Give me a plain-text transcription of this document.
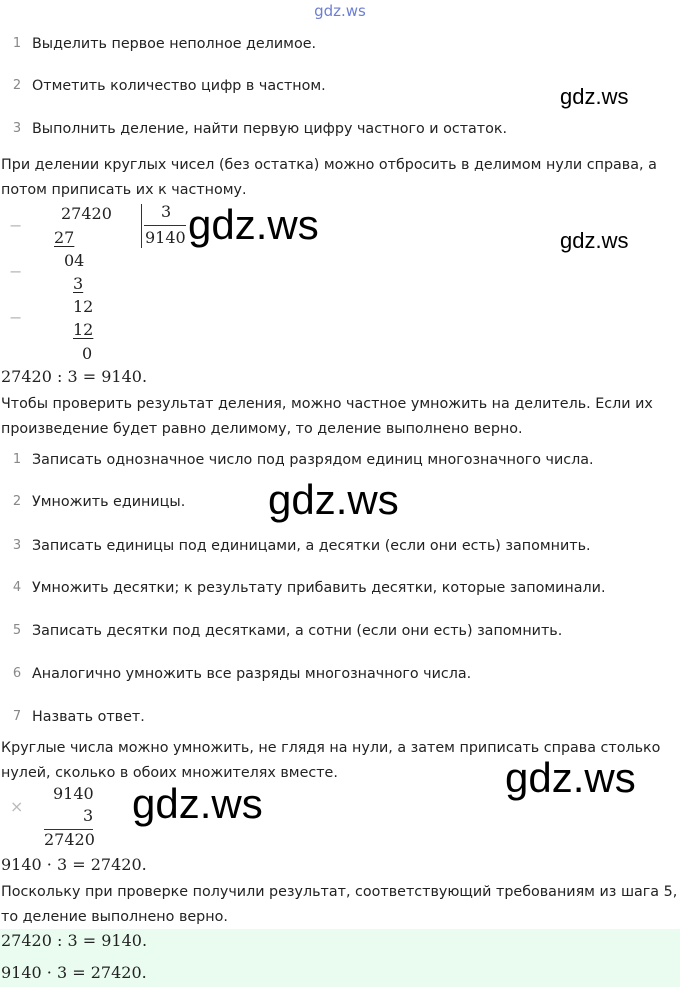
gdz.ws
1 Выделить первое неполное делимое.
2 Отметить количество цифр в частном.
3 Выполнить деление, найти первую цифру частного и остаток.
gdz.ws
При делении круглых чисел (без остатка) можно отбросить в делимом нули справа, а
потом приписать их к частному.
−
−
−
27420
27
04
3
12
12
0
3
9140 gdz.ws	gdz.ws
27420 : 3 = 9140.
Чтобы проверить результат деления, можно частное умножить на делитель. Если их
произведение будет равно делимому, то деление выполнено верно.
1 Записать однозначное число под разрядом единиц многозначного числа.
2 Умножить единицы.
3 Записать единицы под единицами, а десятки (если они есть) запомнить.
4 Умножить десятки; к результату прибавить десятки, которые запоминали.
5 Записать десятки под десятками, а сотни (если они есть) запомнить.
6 Аналогично умножить все разряды многозначного числа.
7 Назвать ответ.
gdz.ws
Круглые числа можно умножить, не глядя на нули, а затем приписать справа столько
нулей, сколько в обоих множителях вместе.	gdz.ws
×
9140
3
27420
gdz.ws
9140 · 3 = 27420.
Поскольку при проверке получили результат, соответствующий требованиям из шага 5,
то деление выполнено верно.
27420 : 3 = 9140.
9140 · 3 = 27420.
